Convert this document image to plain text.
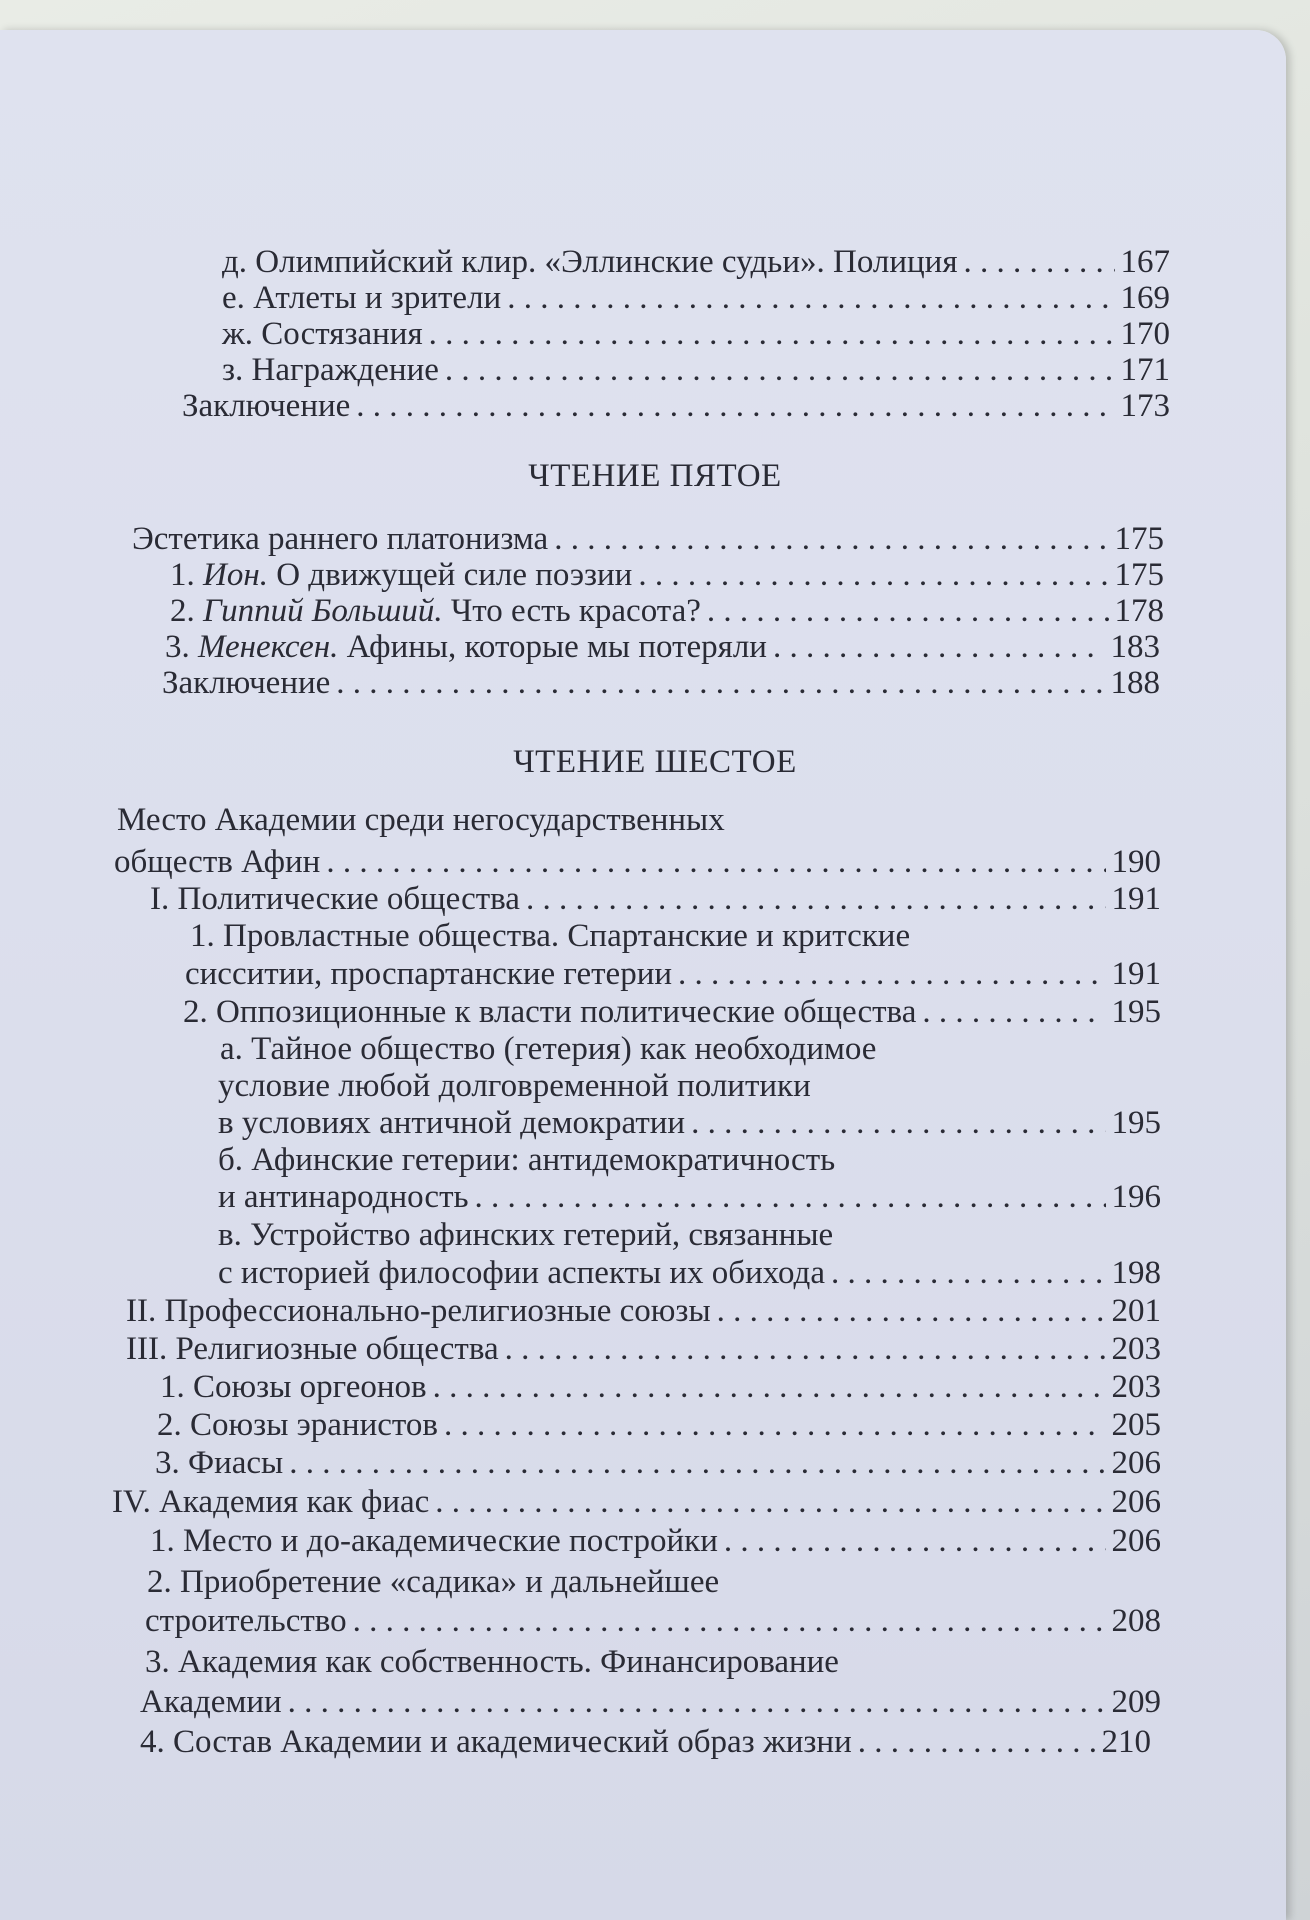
д. Олимпийский клир. «Эллинские судьи». Полиция . . .	167
е. Атлеты и зрители . . .	169
ж. Состязания . . .	170
з. Награждение . . .	171
Заключение . . .	173
ЧТЕНИЕ ПЯТОЕ
Эстетика раннего платонизма . . .	175
1. Ион. О движущей силе поэзии . . .	175
2. Гиппий Больший. Что есть красота? . . .	178
3. Менексен. Афины, которые мы потеряли . . .	183
Заключение . . .	188
ЧТЕНИЕ ШЕСТОЕ
Место Академии среди негосударственных
обществ Афин . . .	190
I. Политические общества . . .	191
1. Провластные общества. Спартанские и критские
сисситии, проспартанские гетерии . . .	191
2. Оппозиционные к власти политические общества . . .	195
а. Тайное общество (гетерия) как необходимое
условие любой долговременной политики
в условиях античной демократии . . .	195
б. Афинские гетерии: антидемократичность
и антинародность . . .	196
в. Устройство афинских гетерий, связанные
с историей философии аспекты их обихода . . .	198
II. Профессионально-религиозные союзы . . .	201
III. Религиозные общества . . .	203
1. Союзы оргеонов . . .	203
2. Союзы эранистов . . .	205
3. Фиасы . . .	206
IV. Академия как фиас . . .	206
1. Место и до-академические постройки . . .	206
2. Приобретение «садика» и дальнейшее
строительство . . .	208
3. Академия как собственность. Финансирование
Академии . . .	209
4. Состав Академии и академический образ жизни . . .	210
